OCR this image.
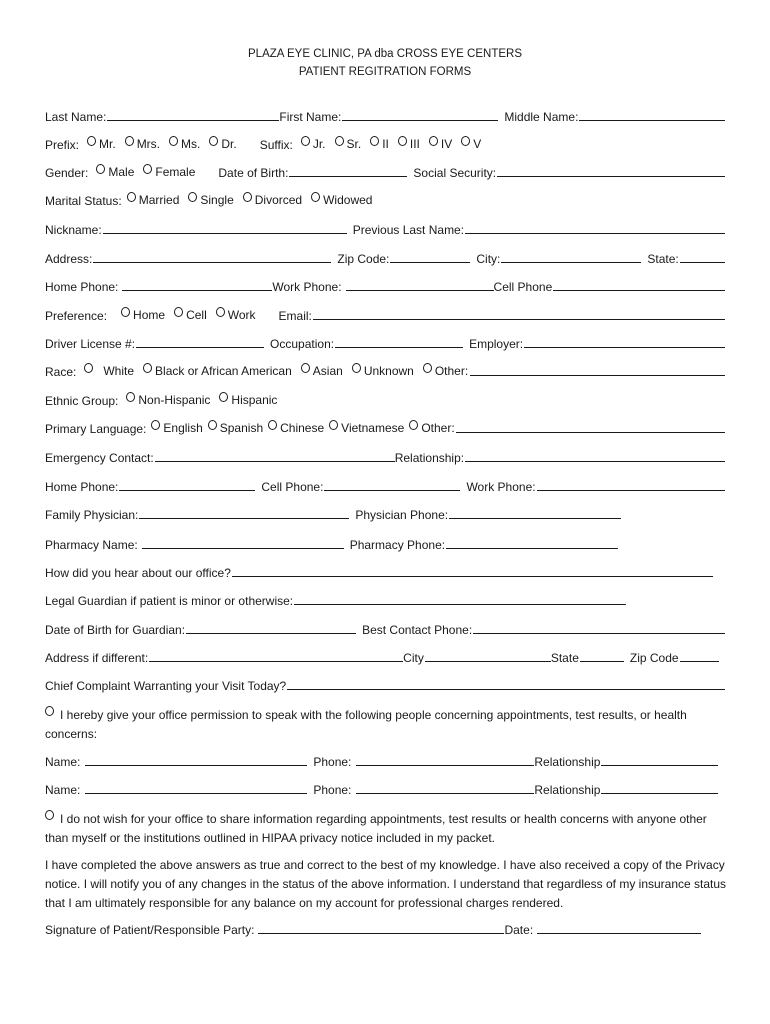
PLAZA EYE CLINIC, PA dba CROSS EYE CENTERS
PATIENT REGITRATION FORMS
Last Name:	First Name:	Middle Name:
Prefix: Mr. Mrs. Ms. Dr. Suffix: Jr. Sr. II III IV V
Gender: Male Female Date of Birth:	Social Security:
Marital Status: Married Single Divorced Widowed
Nickname:	Previous Last Name:
Address:	Zip Code:	City:	State:
Home Phone:	Work Phone:	Cell Phone
Preference: Home Cell Work Email:
Driver License #:	Occupation:	Employer:
Race: White Black or African American Asian Unknown Other:
Ethnic Group: Non-Hispanic Hispanic
Primary Language: English Spanish Chinese Vietnamese Other:
Emergency Contact:	Relationship:
Home Phone:	Cell Phone:	Work Phone:
Family Physician:	Physician Phone:
Pharmacy Name:	Pharmacy Phone:
How did you hear about our office?
Legal Guardian if patient is minor or otherwise:
Date of Birth for Guardian:	Best Contact Phone:
Address if different:	City	State	Zip Code
Chief Complaint Warranting your Visit Today?
I hereby give your office permission to speak with the following people concerning appointments, test results, or health concerns:
Name:	Phone:	Relationship
Name:	Phone:	Relationship
I do not wish for your office to share information regarding appointments, test results or health concerns with anyone other than myself or the institutions outlined in HIPAA privacy notice included in my packet.
I have completed the above answers as true and correct to the best of my knowledge. I have also received a copy of the Privacy notice. I will notify you of any changes in the status of the above information. I understand that regardless of my insurance status that I am ultimately responsible for any balance on my account for professional charges rendered.
Signature of Patient/Responsible Party:	Date:
